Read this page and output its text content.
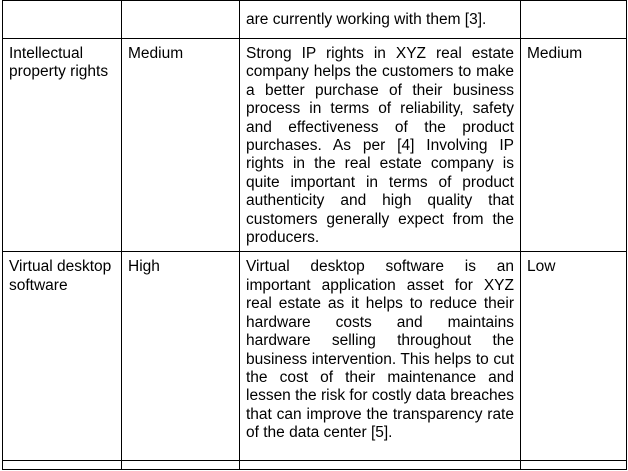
		are currently working with them [3].	
Intellectual property rights	Medium	Strong IP rights in XYZ real estate company helps the customers to make a better purchase of their business process in terms of reliability, safety and effectiveness of the product purchases. As per [4] Involving IP rights in the real estate company is quite important in terms of product authenticity and high quality that customers generally expect from the producers.	Medium
Virtual desktop software	High	Virtual desktop software is an important application asset for XYZ real estate as it helps to reduce their hardware costs and maintains hardware selling throughout the business intervention. This helps to cut the cost of their maintenance and lessen the risk for costly data breaches that can improve the transparency rate of the data center [5].	Low
